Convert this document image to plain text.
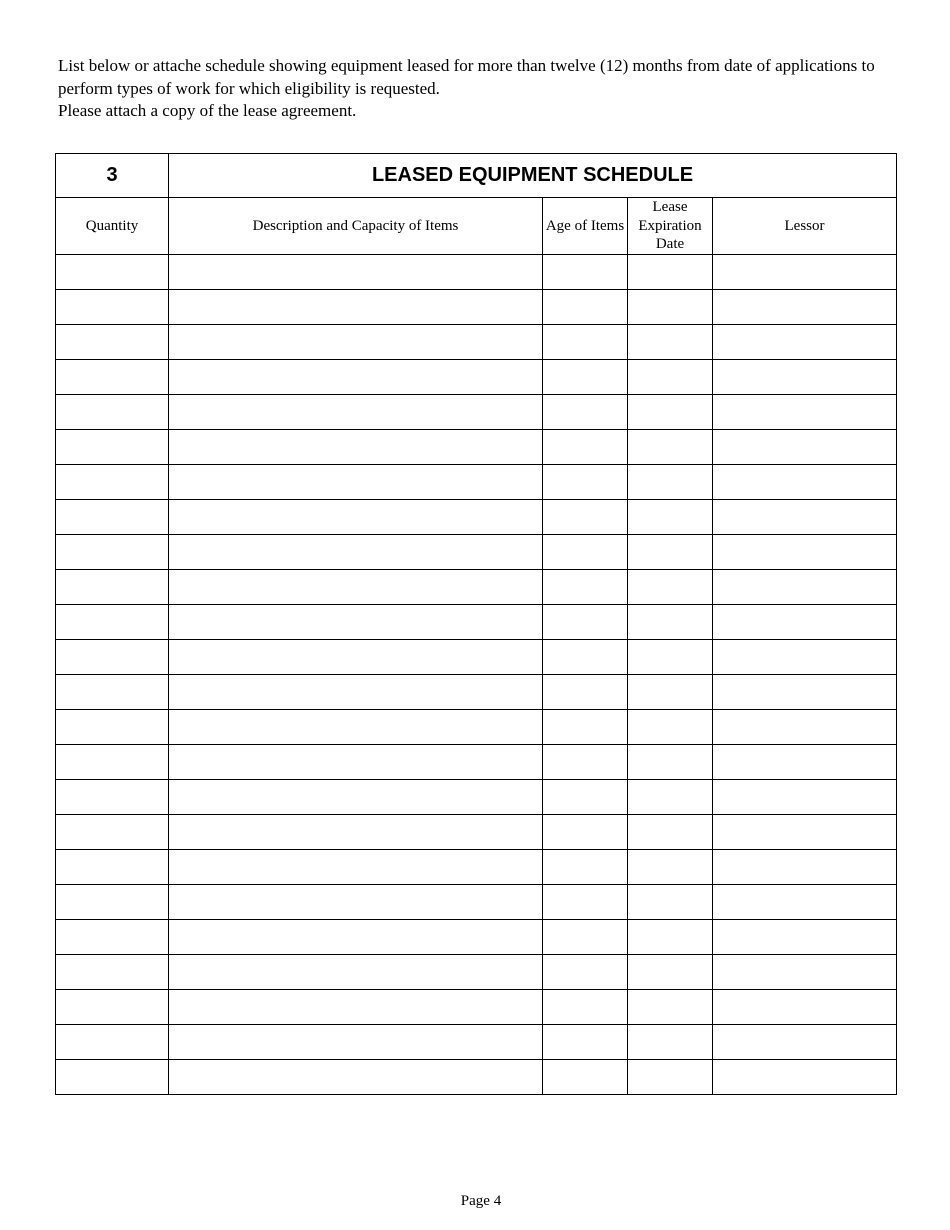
List below or attache schedule showing equipment leased for more than twelve (12) months from date of applications to perform types of work for which eligibility is requested.

Please attach a copy of the lease agreement.

3	LEASED EQUIPMENT SCHEDULE			
Quantity	Description and Capacity of Items	Age of Items	Lease Expiration Date	Lessor

Page 4
